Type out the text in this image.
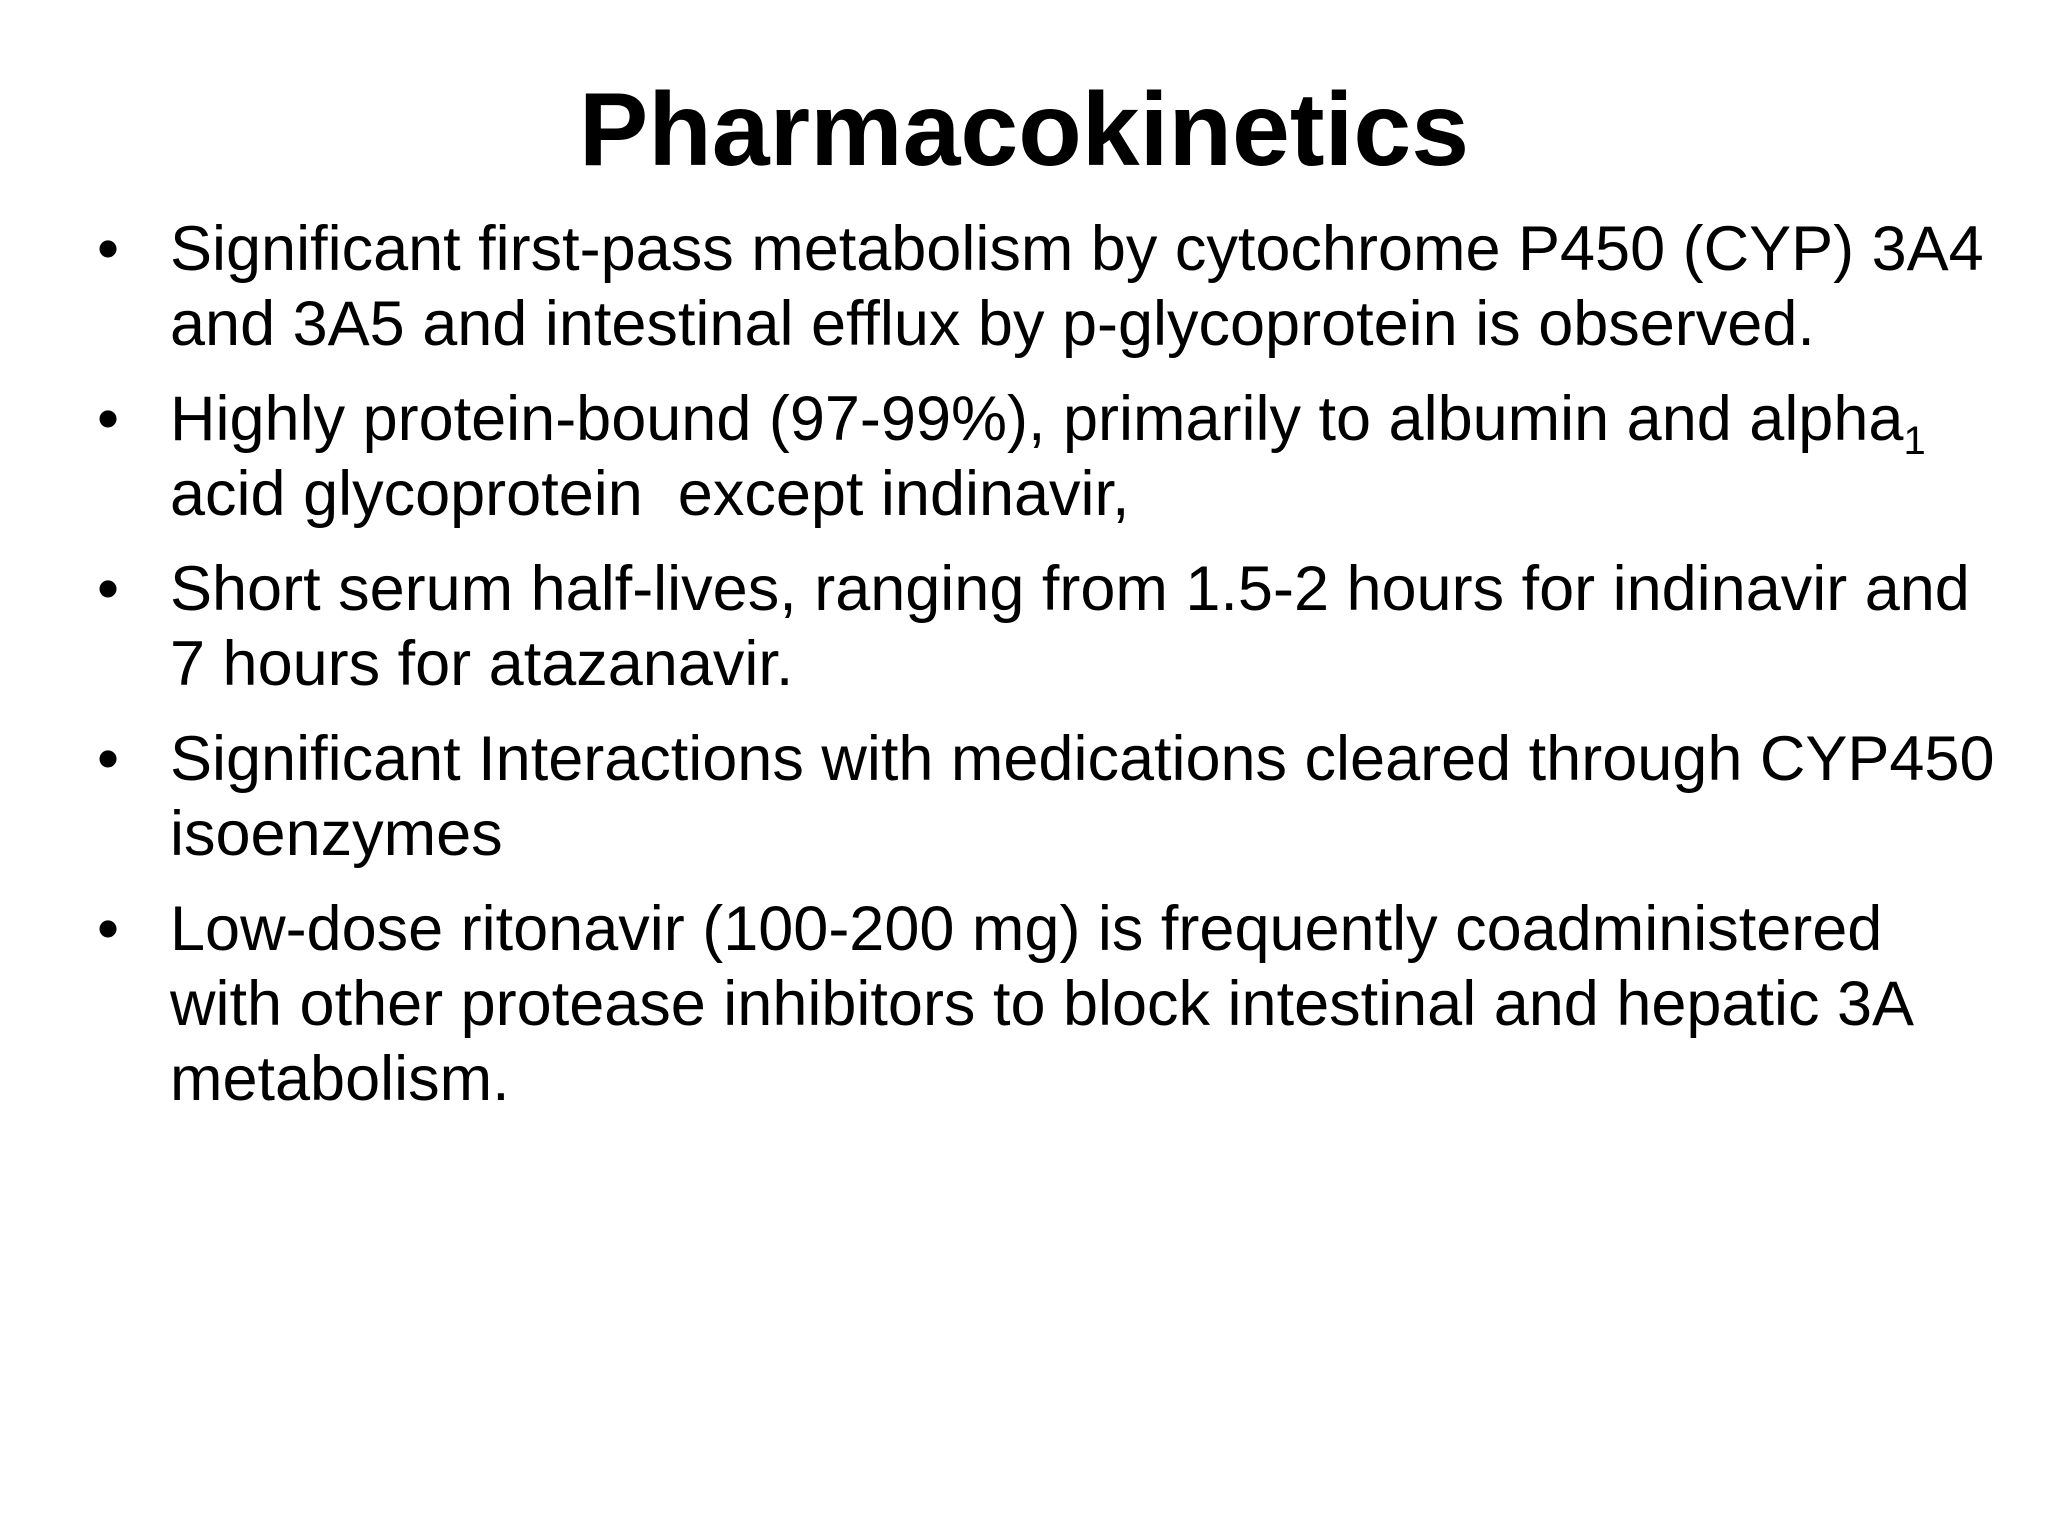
Pharmacokinetics
• Significant first-pass metabolism by cytochrome P450 (CYP) 3A4 and 3A5 and intestinal efflux by p-glycoprotein is observed.
• Highly protein-bound (97-99%), primarily to albumin and alpha$_1$ acid glycoprotein  except indinavir,
• Short serum half-lives, ranging from 1.5-2 hours for indinavir and 7 hours for atazanavir.
• Significant Interactions with medications cleared through CYP450 isoenzymes
• Low-dose ritonavir (100-200 mg) is frequently coadministered with other protease inhibitors to block intestinal and hepatic 3A metabolism.
